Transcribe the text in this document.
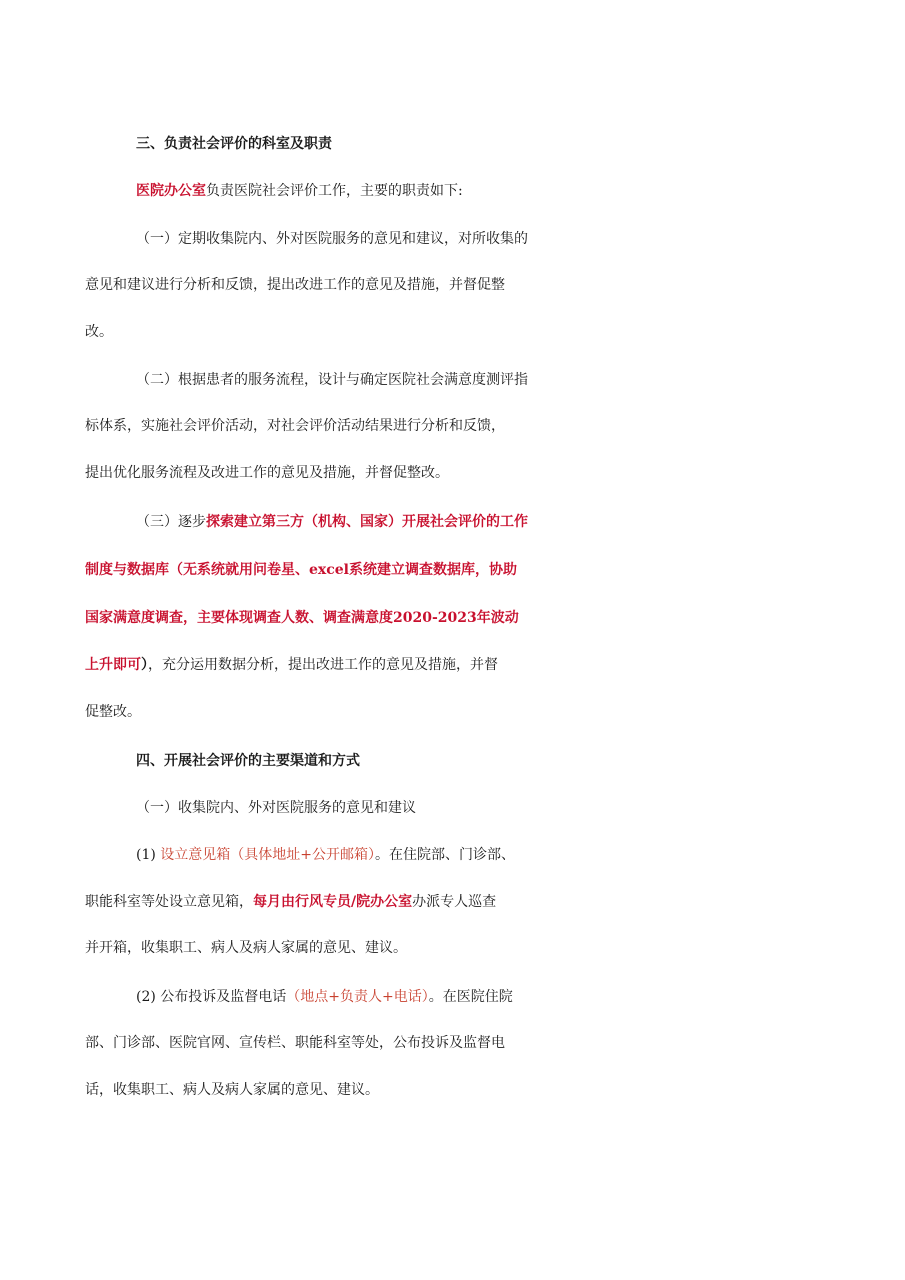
三、负责社会评价的科室及职责

医院办公室负责医院社会评价工作，主要的职责如下:

（一）定期收集院内、外对医院服务的意见和建议，对所收集的

意见和建议进行分析和反馈，提出改进工作的意见及措施，并督促整

改。

（二）根据患者的服务流程，设计与确定医院社会满意度测评指

标体系，实施社会评价活动，对社会评价活动结果进行分析和反馈，

提出优化服务流程及改进工作的意见及措施，并督促整改。

（三）逐步探索建立第三方（机构、国家）开展社会评价的工作

制度与数据库（无系统就用问卷星、excel系统建立调查数据库，协助

国家满意度调查，主要体现调查人数、调查满意度2020-2023年波动

上升即可），充分运用数据分析，提出改进工作的意见及措施，并督

促整改。

四、开展社会评价的主要渠道和方式

（一）收集院内、外对医院服务的意见和建议

(1) 设立意见箱（具体地址+公开邮箱）。在住院部、门诊部、

职能科室等处设立意见箱，每月由行风专员/院办公室办派专人巡查

并开箱，收集职工、病人及病人家属的意见、建议。

(2) 公布投诉及监督电话（地点+负责人+电话）。在医院住院

部、门诊部、医院官网、宣传栏、职能科室等处，公布投诉及监督电

话，收集职工、病人及病人家属的意见、建议。
